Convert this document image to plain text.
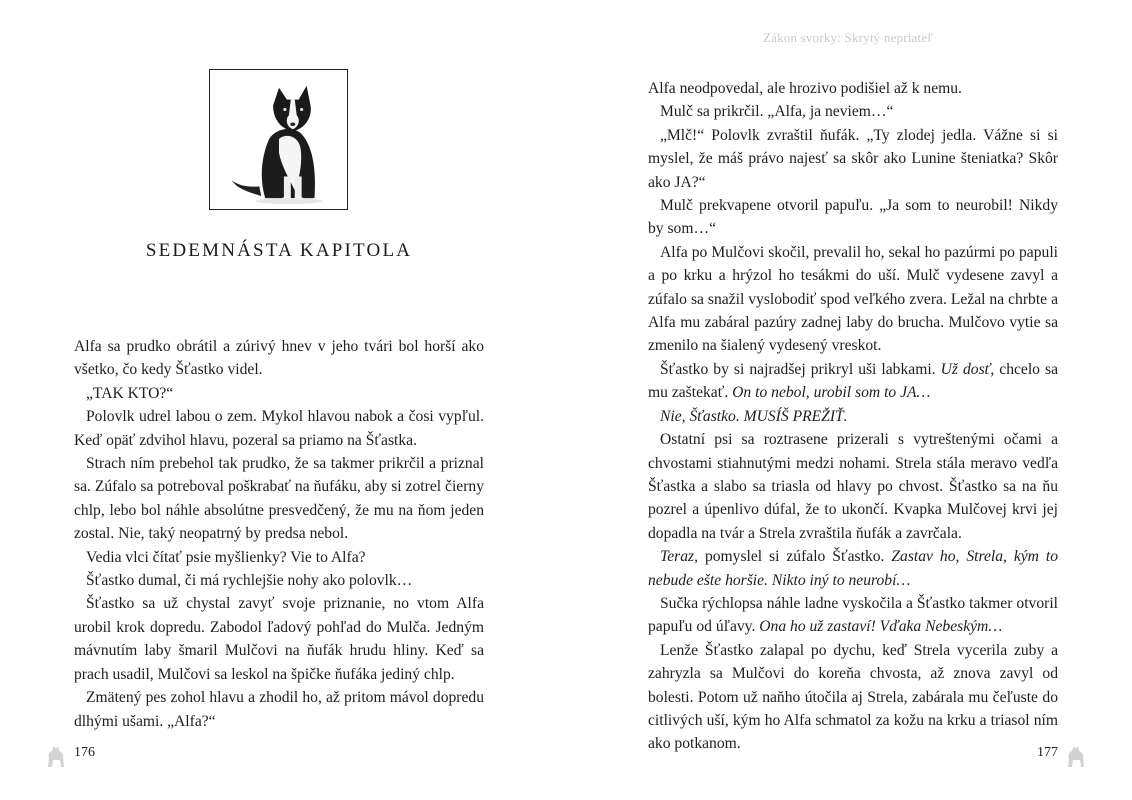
SEDEMNÁSTA KAPITOLA

Alfa sa prudko obrátil a zúrivý hnev v jeho tvári bol horší ako všetko, čo kedy Šťastko videl.

„TAK KTO?“

Polovlk udrel labou o zem. Mykol hlavou nabok a čosi vypľul. Keď opäť zdvihol hlavu, pozeral sa priamo na Šťastka.

Strach ním prebehol tak prudko, že sa takmer prikrčil a priznal sa. Zúfalo sa potreboval poškrabať na ňufáku, aby si zotrel čierny chlp, lebo bol náhle absolútne presvedčený, že mu na ňom jeden zostal. Nie, taký neopatrný by predsa nebol.

Vedia vlci čítať psie myšlienky? Vie to Alfa?

Šťastko dumal, či má rychlejšie nohy ako polovlk…

Šťastko sa už chystal zavyť svoje priznanie, no vtom Alfa urobil krok dopredu. Zabodol ľadový pohľad do Mulča. Jedným mávnutím laby šmaril Mulčovi na ňufák hrudu hliny. Keď sa prach usadil, Mulčovi sa leskol na špičke ňufáka jediný chlp.

Zmätený pes zohol hlavu a zhodil ho, až pritom mávol dopredu dlhými ušami. „Alfa?“

176
Zákon svorky: Skrytý nepriateľ

Alfa neodpovedal, ale hrozivo podišiel až k nemu.

Mulč sa prikrčil. „Alfa, ja neviem…“

„Mlč!“ Polovlk zvraštil ňufák. „Ty zlodej jedla. Vážne si si myslel, že máš právo najesť sa skôr ako Lunine šteniatka? Skôr ako JA?“

Mulč prekvapene otvoril papuľu. „Ja som to neurobil! Nikdy by som…“

Alfa po Mulčovi skočil, prevalil ho, sekal ho pazúrmi po papuli a po krku a hrýzol ho tesákmi do uší. Mulč vydesene zavyl a zúfalo sa snažil vyslobodiť spod veľkého zvera. Ležal na chrbte a Alfa mu zabáral pazúry zadnej laby do brucha. Mulčovo vytie sa zmenilo na šialený vydesený vreskot.

Šťastko by si najradšej prikryl uši labkami. Už dosť, chcelo sa mu zaštekať. On to nebol, urobil som to JA…

Nie, Šťastko. MUSÍŠ PREŽIŤ.

Ostatní psi sa roztrasene prizerali s vytreštenými očami a chvostami stiahnutými medzi nohami. Strela stála meravo vedľa Šťastka a slabo sa triasla od hlavy po chvost. Šťastko sa na ňu pozrel a úpenlivo dúfal, že to ukončí. Kvapka Mulčovej krvi jej dopadla na tvár a Strela zvraštila ňufák a zavrčala.

Teraz, pomyslel si zúfalo Šťastko. Zastav ho, Strela, kým to nebude ešte horšie. Nikto iný to neurobí…

Sučka rýchlopsa náhle ladne vyskočila a Šťastko takmer otvoril papuľu od úľavy. Ona ho už zastaví! Vďaka Nebeským…

Lenže Šťastko zalapal po dychu, keď Strela vycerila zuby a zahryzla sa Mulčovi do koreňa chvosta, až znova zavyl od bolesti. Potom už naňho útočila aj Strela, zabárala mu čeľuste do citlivých uší, kým ho Alfa schmatol za kožu na krku a triasol ním ako potkanom.

177
